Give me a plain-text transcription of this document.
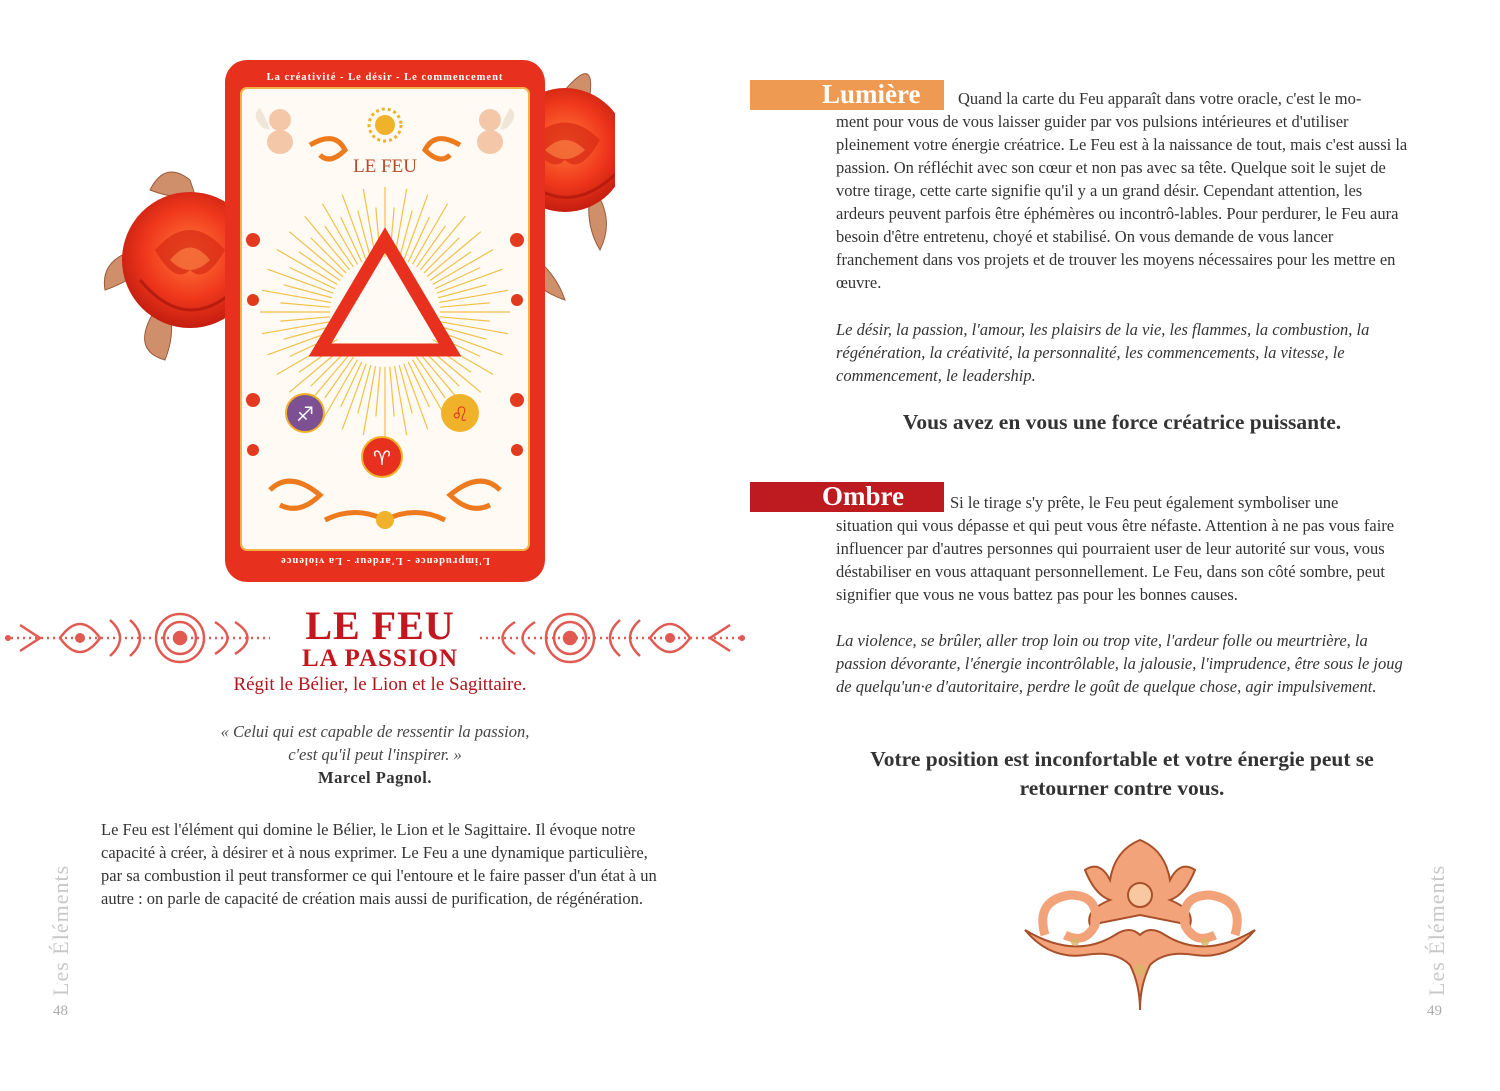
La créativité - Le désir - Le commencement
L'imprudence - L'ardeur - La violence
LE FEU
♐	♌
♈
LE FEU
LA PASSION
Régit le Bélier, le Lion et le Sagittaire.
« Celui qui est capable de ressentir la passion,
c'est qu'il peut l'inspirer. »
Marcel Pagnol.

Le Feu est l'élément qui domine le Bélier, le Lion et le Sagittaire. Il évoque notre capacité à créer, à désirer et à nous exprimer. Le Feu a une dynamique particulière, par sa combustion il peut transformer ce qui l'entoure et le faire passer d'un état à un autre : on parle de capacité de création mais aussi de purification, de régénération.

Les Éléments
48
Lumière Quand la carte du Feu apparaît dans votre oracle, c'est le mo-

ment pour vous de vous laisser guider par vos pulsions intérieures et d'utiliser pleinement votre énergie créatrice. Le Feu est à la naissance de tout, mais c'est aussi la passion. On réfléchit avec son cœur et non pas avec sa tête. Quelque soit le sujet de votre tirage, cette carte signifie qu'il y a un grand désir. Cependant attention, les ardeurs peuvent parfois être éphémères ou incontrô-lables. Pour perdurer, le Feu aura besoin d'être entretenu, choyé et stabilisé. On vous demande de vous lancer franchement dans vos projets et de trouver les moyens nécessaires pour les mettre en œuvre.

Le désir, la passion, l'amour, les plaisirs de la vie, les flammes, la combustion, la régénération, la créativité, la personnalité, les commencements, la vitesse, le commencement, le leadership.

Vous avez en vous une force créatrice puissante.

Ombre	Si le tirage s'y prête, le Feu peut également symboliser une

situation qui vous dépasse et qui peut vous être néfaste. Attention à ne pas vous faire influencer par d'autres personnes qui pourraient user de leur autorité sur vous, vous déstabiliser en vous attaquant personnellement. Le Feu, dans son côté sombre, peut signifier que vous ne vous battez pas pour les bonnes causes.

La violence, se brûler, aller trop loin ou trop vite, l'ardeur folle ou meurtrière, la passion dévorante, l'énergie incontrôlable, la jalousie, l'imprudence, être sous le joug de quelqu'un·e d'autoritaire, perdre le goût de quelque chose, agir impulsivement.

Votre position est inconfortable et votre énergie peut se retourner contre vous.

Les Éléments
49
